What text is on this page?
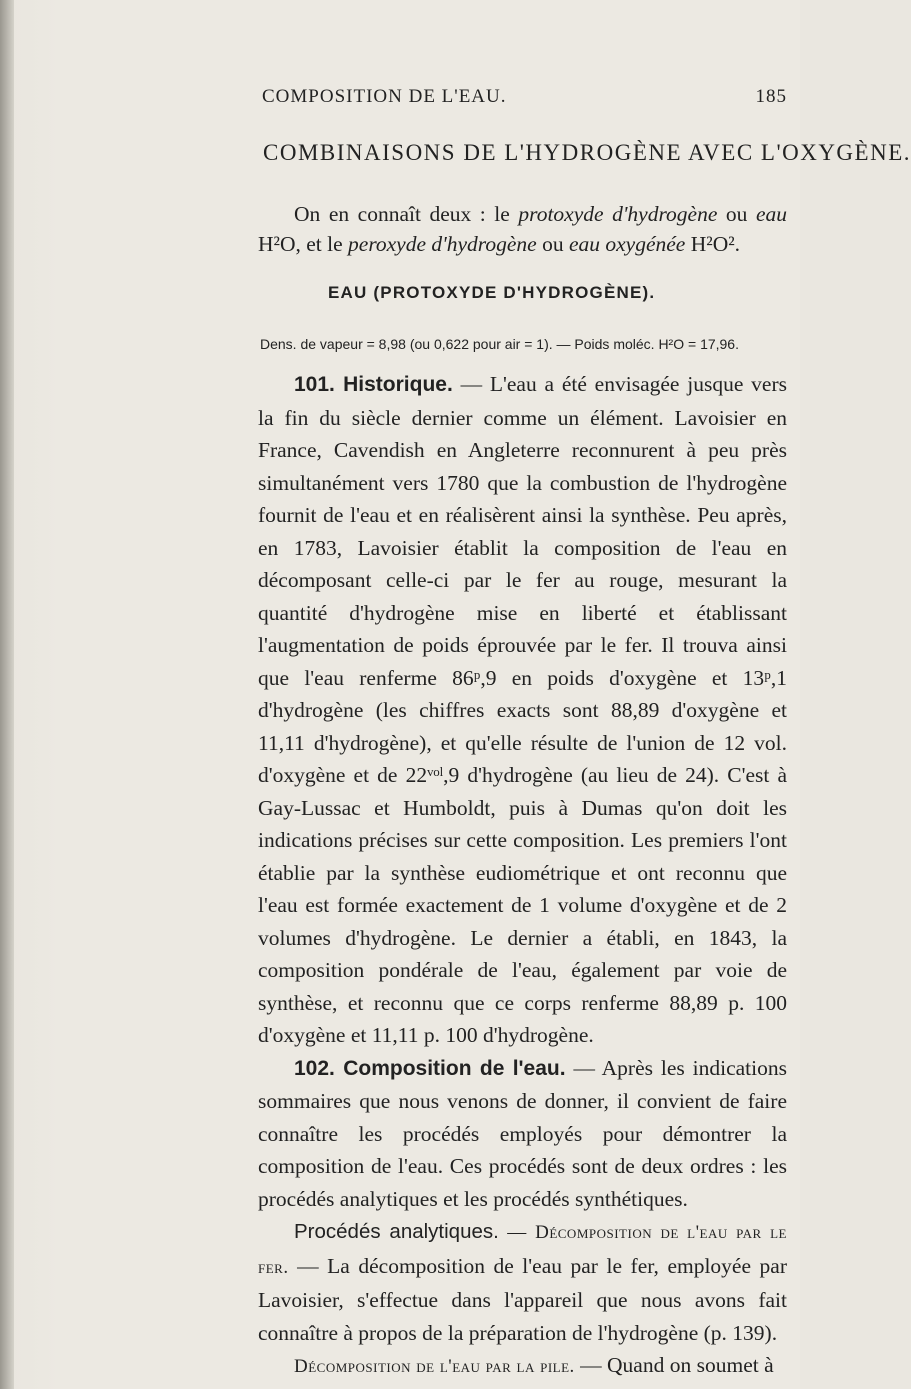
COMPOSITION DE L'EAU.	185
COMBINAISONS DE L'HYDROGÈNE AVEC L'OXYGÈNE.
On en connaît deux : le protoxyde d'hydrogène ou eau H²O, et le peroxyde d'hydrogène ou eau oxygénée H²O².
EAU (PROTOXYDE D'HYDROGÈNE).
Dens. de vapeur = 8,98 (ou 0,622 pour air = 1). — Poids moléc. H²O = 17,96.

101. Historique. — L'eau a été envisagée jusque vers la fin du siècle dernier comme un élément. Lavoisier en France, Cavendish en Angleterre reconnurent à peu près simultanément vers 1780 que la combustion de l'hydrogène fournit de l'eau et en réalisèrent ainsi la synthèse. Peu après, en 1783, Lavoisier établit la composition de l'eau en décomposant celle-ci par le fer au rouge, mesurant la quantité d'hydrogène mise en liberté et établissant l'augmentation de poids éprouvée par le fer. Il trouva ainsi que l'eau renferme 86ᵖ,9 en poids d'oxygène et 13ᵖ,1 d'hydrogène (les chiffres exacts sont 88,89 d'oxygène et 11,11 d'hydrogène), et qu'elle résulte de l'union de 12 vol. d'oxygène et de 22ᵛᵒˡ,9 d'hydrogène (au lieu de 24). C'est à Gay-Lussac et Humboldt, puis à Dumas qu'on doit les indications précises sur cette composition. Les premiers l'ont établie par la synthèse eudiométrique et ont reconnu que l'eau est formée exactement de 1 volume d'oxygène et de 2 volumes d'hydrogène. Le dernier a établi, en 1843, la composition pondérale de l'eau, également par voie de synthèse, et reconnu que ce corps renferme 88,89 p. 100 d'oxygène et 11,11 p. 100 d'hydrogène.

102. Composition de l'eau. — Après les indications sommaires que nous venons de donner, il convient de faire connaître les procédés employés pour démontrer la composition de l'eau. Ces procédés sont de deux ordres : les procédés analytiques et les procédés synthétiques.

Procédés analytiques. — Décomposition de l'eau par le fer. — La décomposition de l'eau par le fer, employée par Lavoisier, s'effectue dans l'appareil que nous avons fait connaître à propos de la préparation de l'hydrogène (p. 139).

Décomposition de l'eau par la pile. — Quand on soumet à
